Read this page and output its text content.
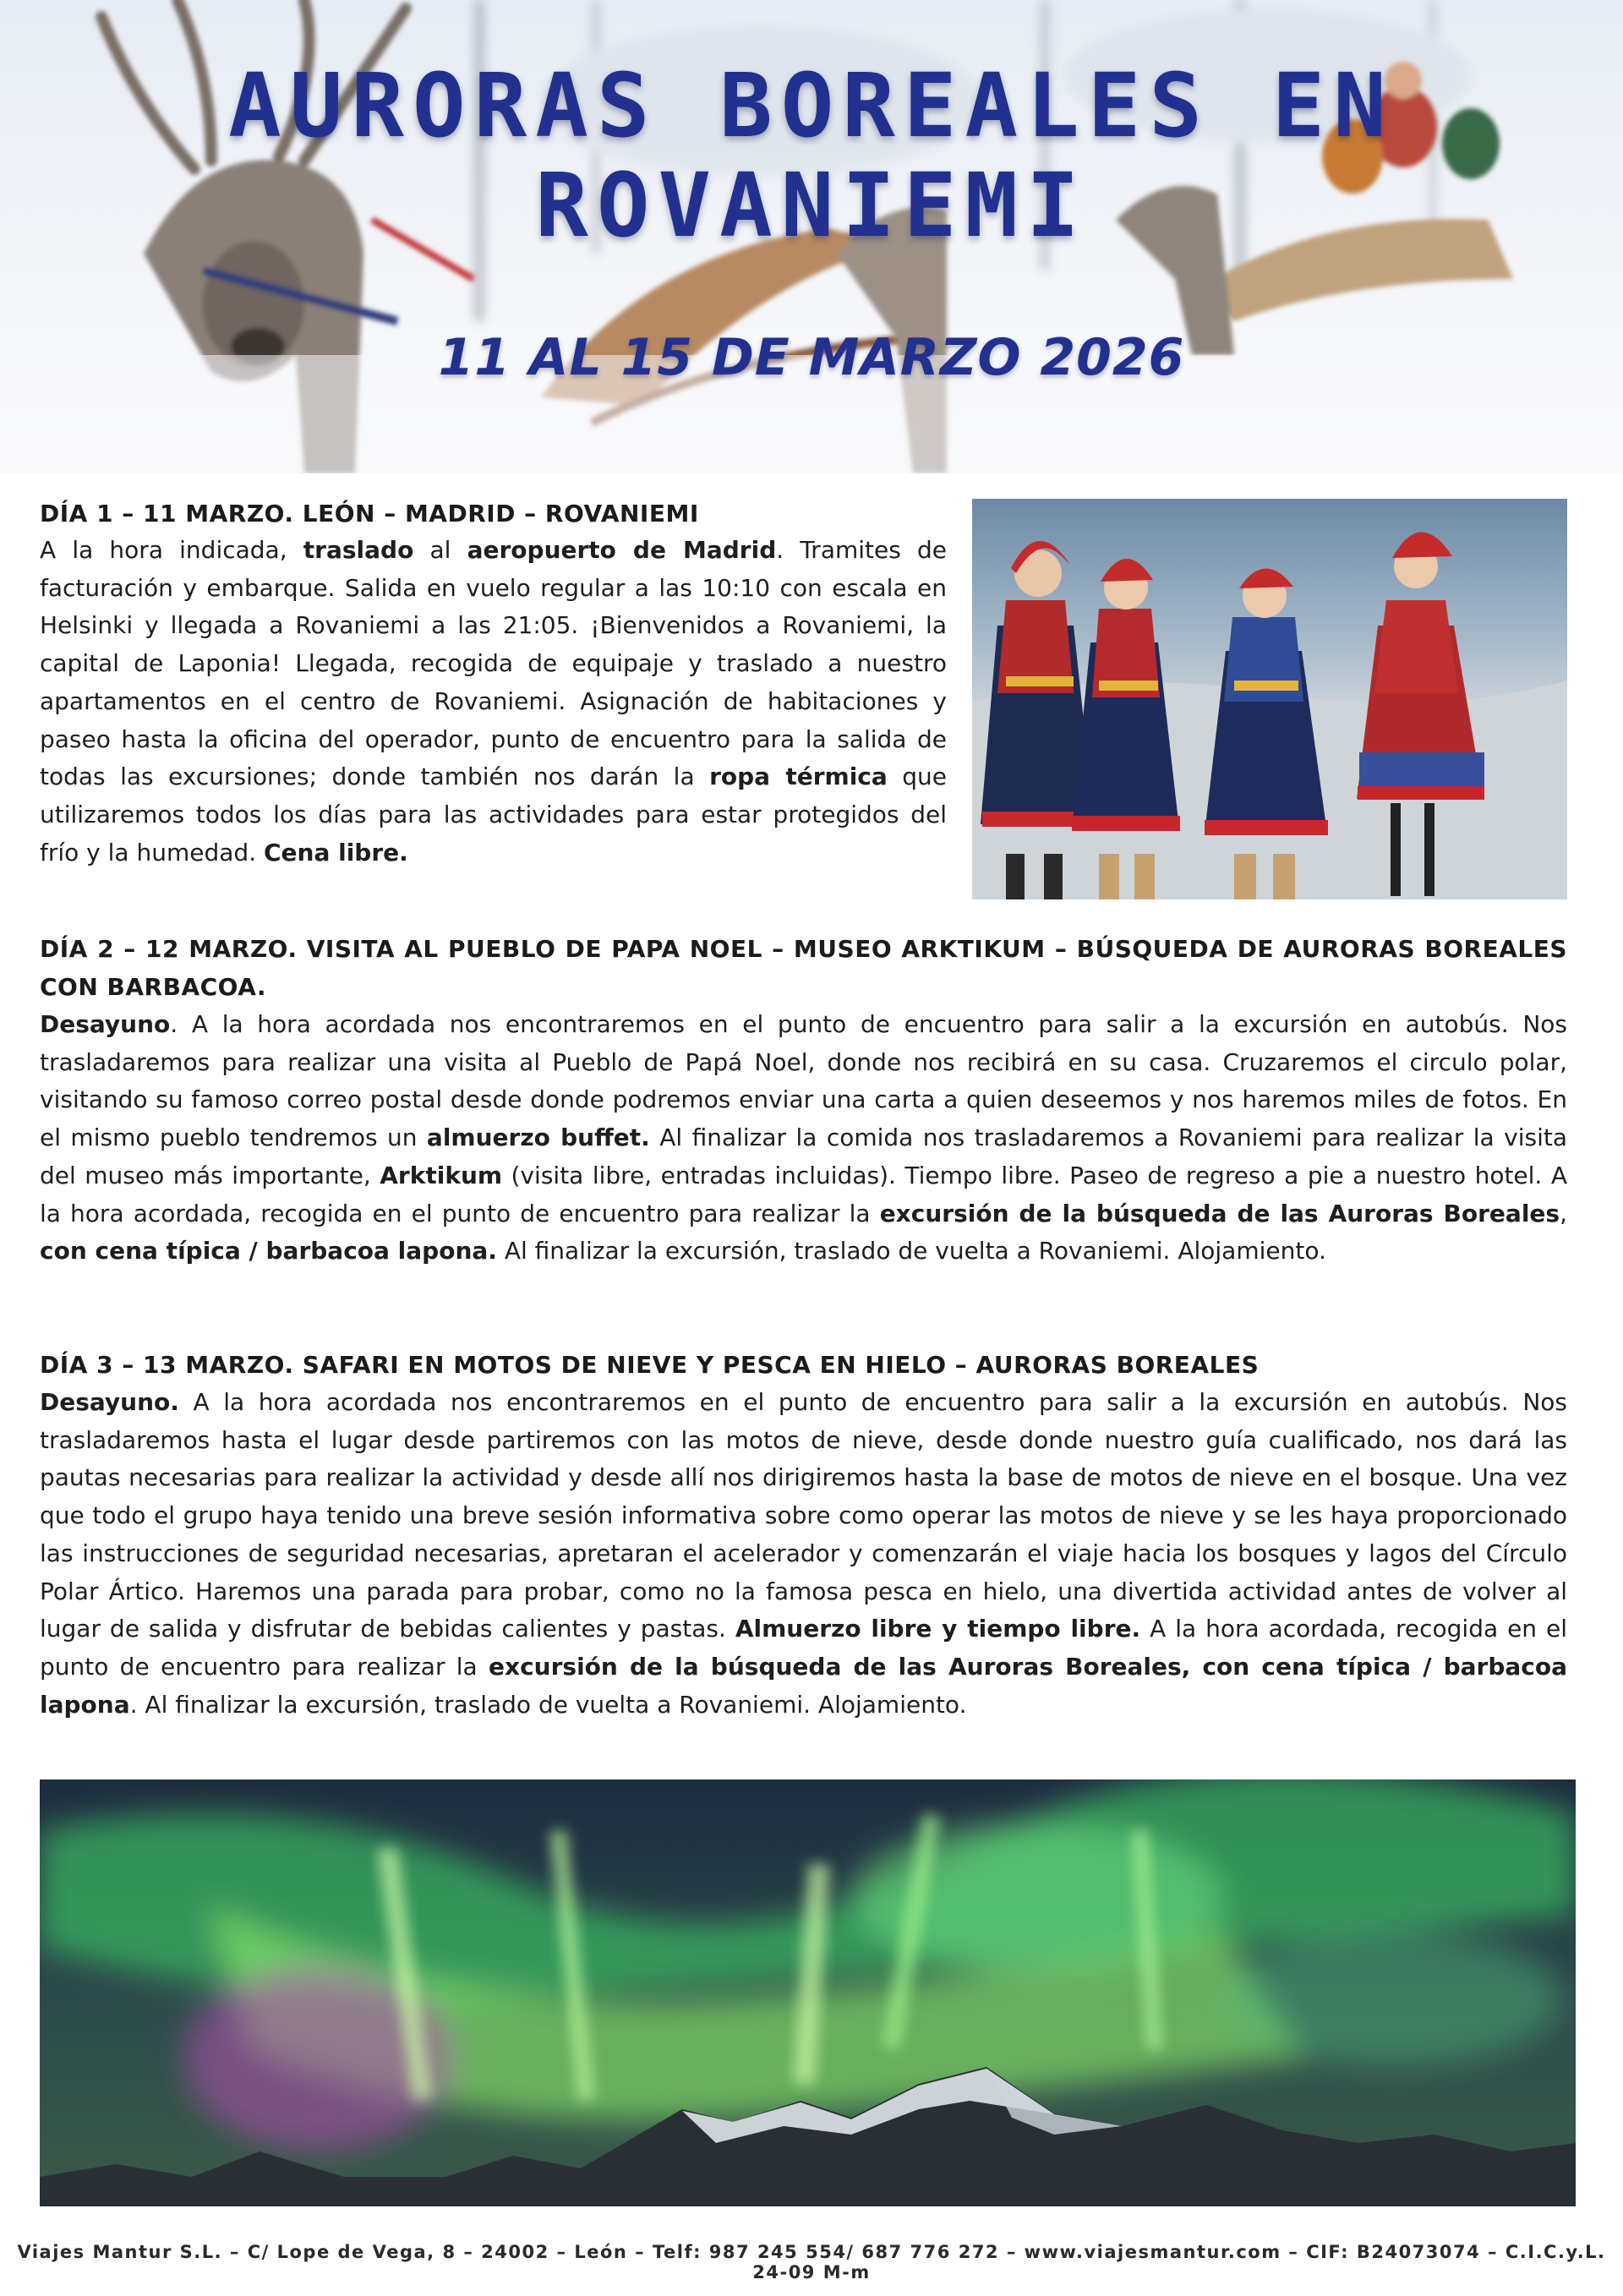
AURORAS BOREALES EN
ROVANIEMI
11 AL 15 DE MARZO 2026
DÍA 1 – 11 MARZO. LEÓN – MADRID – ROVANIEMI
A la hora indicada, traslado al aeropuerto de Madrid. Tramites de facturación y embarque. Salida en vuelo regular a las 10:10 con escala en Helsinki y llegada a Rovaniemi a las 21:05. ¡Bienvenidos a Rovaniemi, la capital de Laponia! Llegada, recogida de equipaje y traslado a nuestro apartamentos en el centro de Rovaniemi. Asignación de habitaciones y paseo hasta la oficina del operador, punto de encuentro para la salida de todas las excursiones; donde también nos darán la ropa térmica que utilizaremos todos los días para las actividades para estar protegidos del frío y la humedad. Cena libre.
DÍA 2 – 12 MARZO. VISITA AL PUEBLO DE PAPA NOEL – MUSEO ARKTIKUM – BÚSQUEDA DE AURORAS BOREALES CON BARBACOA.
Desayuno. A la hora acordada nos encontraremos en el punto de encuentro para salir a la excursión en autobús. Nos trasladaremos para realizar una visita al Pueblo de Papá Noel, donde nos recibirá en su casa. Cruzaremos el circulo polar, visitando su famoso correo postal desde donde podremos enviar una carta a quien deseemos y nos haremos miles de fotos. En el mismo pueblo tendremos un almuerzo buffet. Al finalizar la comida nos trasladaremos a Rovaniemi para realizar la visita del museo más importante, Arktikum (visita libre, entradas incluidas). Tiempo libre. Paseo de regreso a pie a nuestro hotel. A la hora acordada, recogida en el punto de encuentro para realizar la excursión de la búsqueda de las Auroras Boreales, con cena típica / barbacoa lapona. Al finalizar la excursión, traslado de vuelta a Rovaniemi. Alojamiento.
DÍA 3 – 13 MARZO. SAFARI EN MOTOS DE NIEVE Y PESCA EN HIELO – AURORAS BOREALES
Desayuno. A la hora acordada nos encontraremos en el punto de encuentro para salir a la excursión en autobús. Nos trasladaremos hasta el lugar desde partiremos con las motos de nieve, desde donde nuestro guía cualificado, nos dará las pautas necesarias para realizar la actividad y desde allí nos dirigiremos hasta la base de motos de nieve en el bosque. Una vez que todo el grupo haya tenido una breve sesión informativa sobre como operar las motos de nieve y se les haya proporcionado las instrucciones de seguridad necesarias, apretaran el acelerador y comenzarán el viaje hacia los bosques y lagos del Círculo Polar Ártico. Haremos una parada para probar, como no la famosa pesca en hielo, una divertida actividad antes de volver al lugar de salida y disfrutar de bebidas calientes y pastas. Almuerzo libre y tiempo libre. A la hora acordada, recogida en el punto de encuentro para realizar la excursión de la búsqueda de las Auroras Boreales, con cena típica / barbacoa lapona. Al finalizar la excursión, traslado de vuelta a Rovaniemi. Alojamiento.
Viajes Mantur S.L. – C/ Lope de Vega, 8 – 24002 – León – Telf: 987 245 554/ 687 776 272 – www.viajesmantur.com – CIF: B24073074 – C.I.C.y.L. 24-09 M-m
